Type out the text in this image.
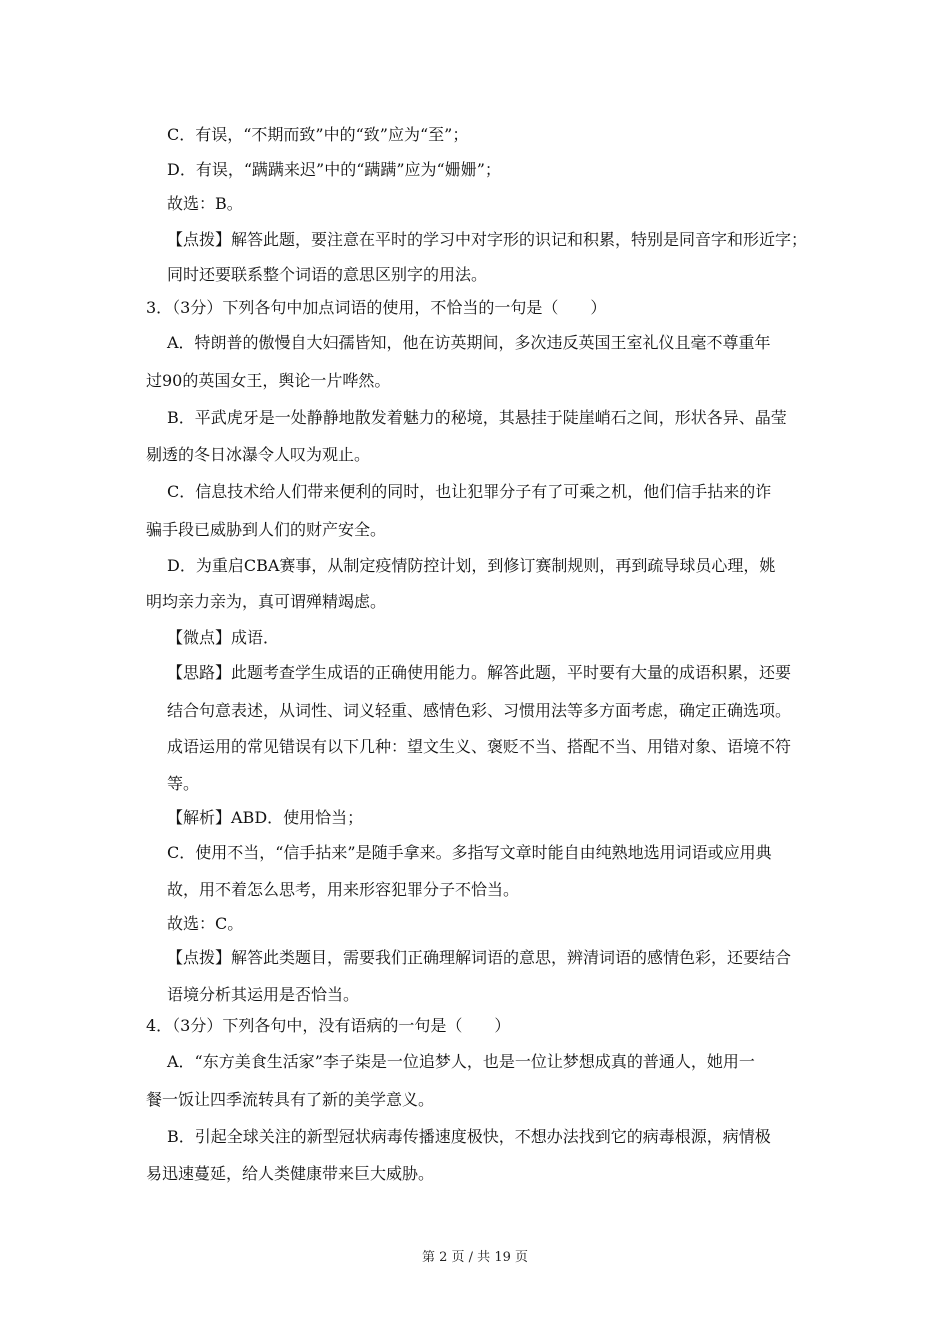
C．有误，“不期而致”中的“致”应为“至”；
D．有误，“蹒蹒来迟”中的“蹒蹒”应为“姗姗”；
故选：B。
【点拨】解答此题，要注意在平时的学习中对字形的识记和积累，特别是同音字和形近字；
同时还要联系整个词语的意思区别字的用法。
3．（3分）下列各句中加点词语的使用，不恰当的一句是（　　）
A．特朗普的傲慢自大妇孺皆知，他在访英期间，多次违反英国王室礼仪且毫不尊重年
过90的英国女王，舆论一片哗然。
B．平武虎牙是一处静静地散发着魅力的秘境，其悬挂于陡崖峭石之间，形状各异、晶莹
剔透的冬日冰瀑令人叹为观止。
C．信息技术给人们带来便利的同时，也让犯罪分子有了可乘之机，他们信手拈来的诈
骗手段已威胁到人们的财产安全。
D．为重启CBA赛事，从制定疫情防控计划，到修订赛制规则，再到疏导球员心理，姚
明均亲力亲为，真可谓殚精竭虑。
【微点】成语．
【思路】此题考查学生成语的正确使用能力。解答此题，平时要有大量的成语积累，还要
结合句意表述，从词性、词义轻重、感情色彩、习惯用法等多方面考虑，确定正确选项。
成语运用的常见错误有以下几种：望文生义、褒贬不当、搭配不当、用错对象、语境不符
等。
【解析】ABD．使用恰当；
C．使用不当，“信手拈来”是随手拿来。多指写文章时能自由纯熟地选用词语或应用典
故，用不着怎么思考，用来形容犯罪分子不恰当。
故选：C。
【点拨】解答此类题目，需要我们正确理解词语的意思，辨清词语的感情色彩，还要结合
语境分析其运用是否恰当。
4．（3分）下列各句中，没有语病的一句是（　　）
A．“东方美食生活家”李子柒是一位追梦人，也是一位让梦想成真的普通人，她用一
餐一饭让四季流转具有了新的美学意义。
B．引起全球关注的新型冠状病毒传播速度极快，不想办法找到它的病毒根源，病情极
易迅速蔓延，给人类健康带来巨大威胁。
第 2 页 / 共 19 页
